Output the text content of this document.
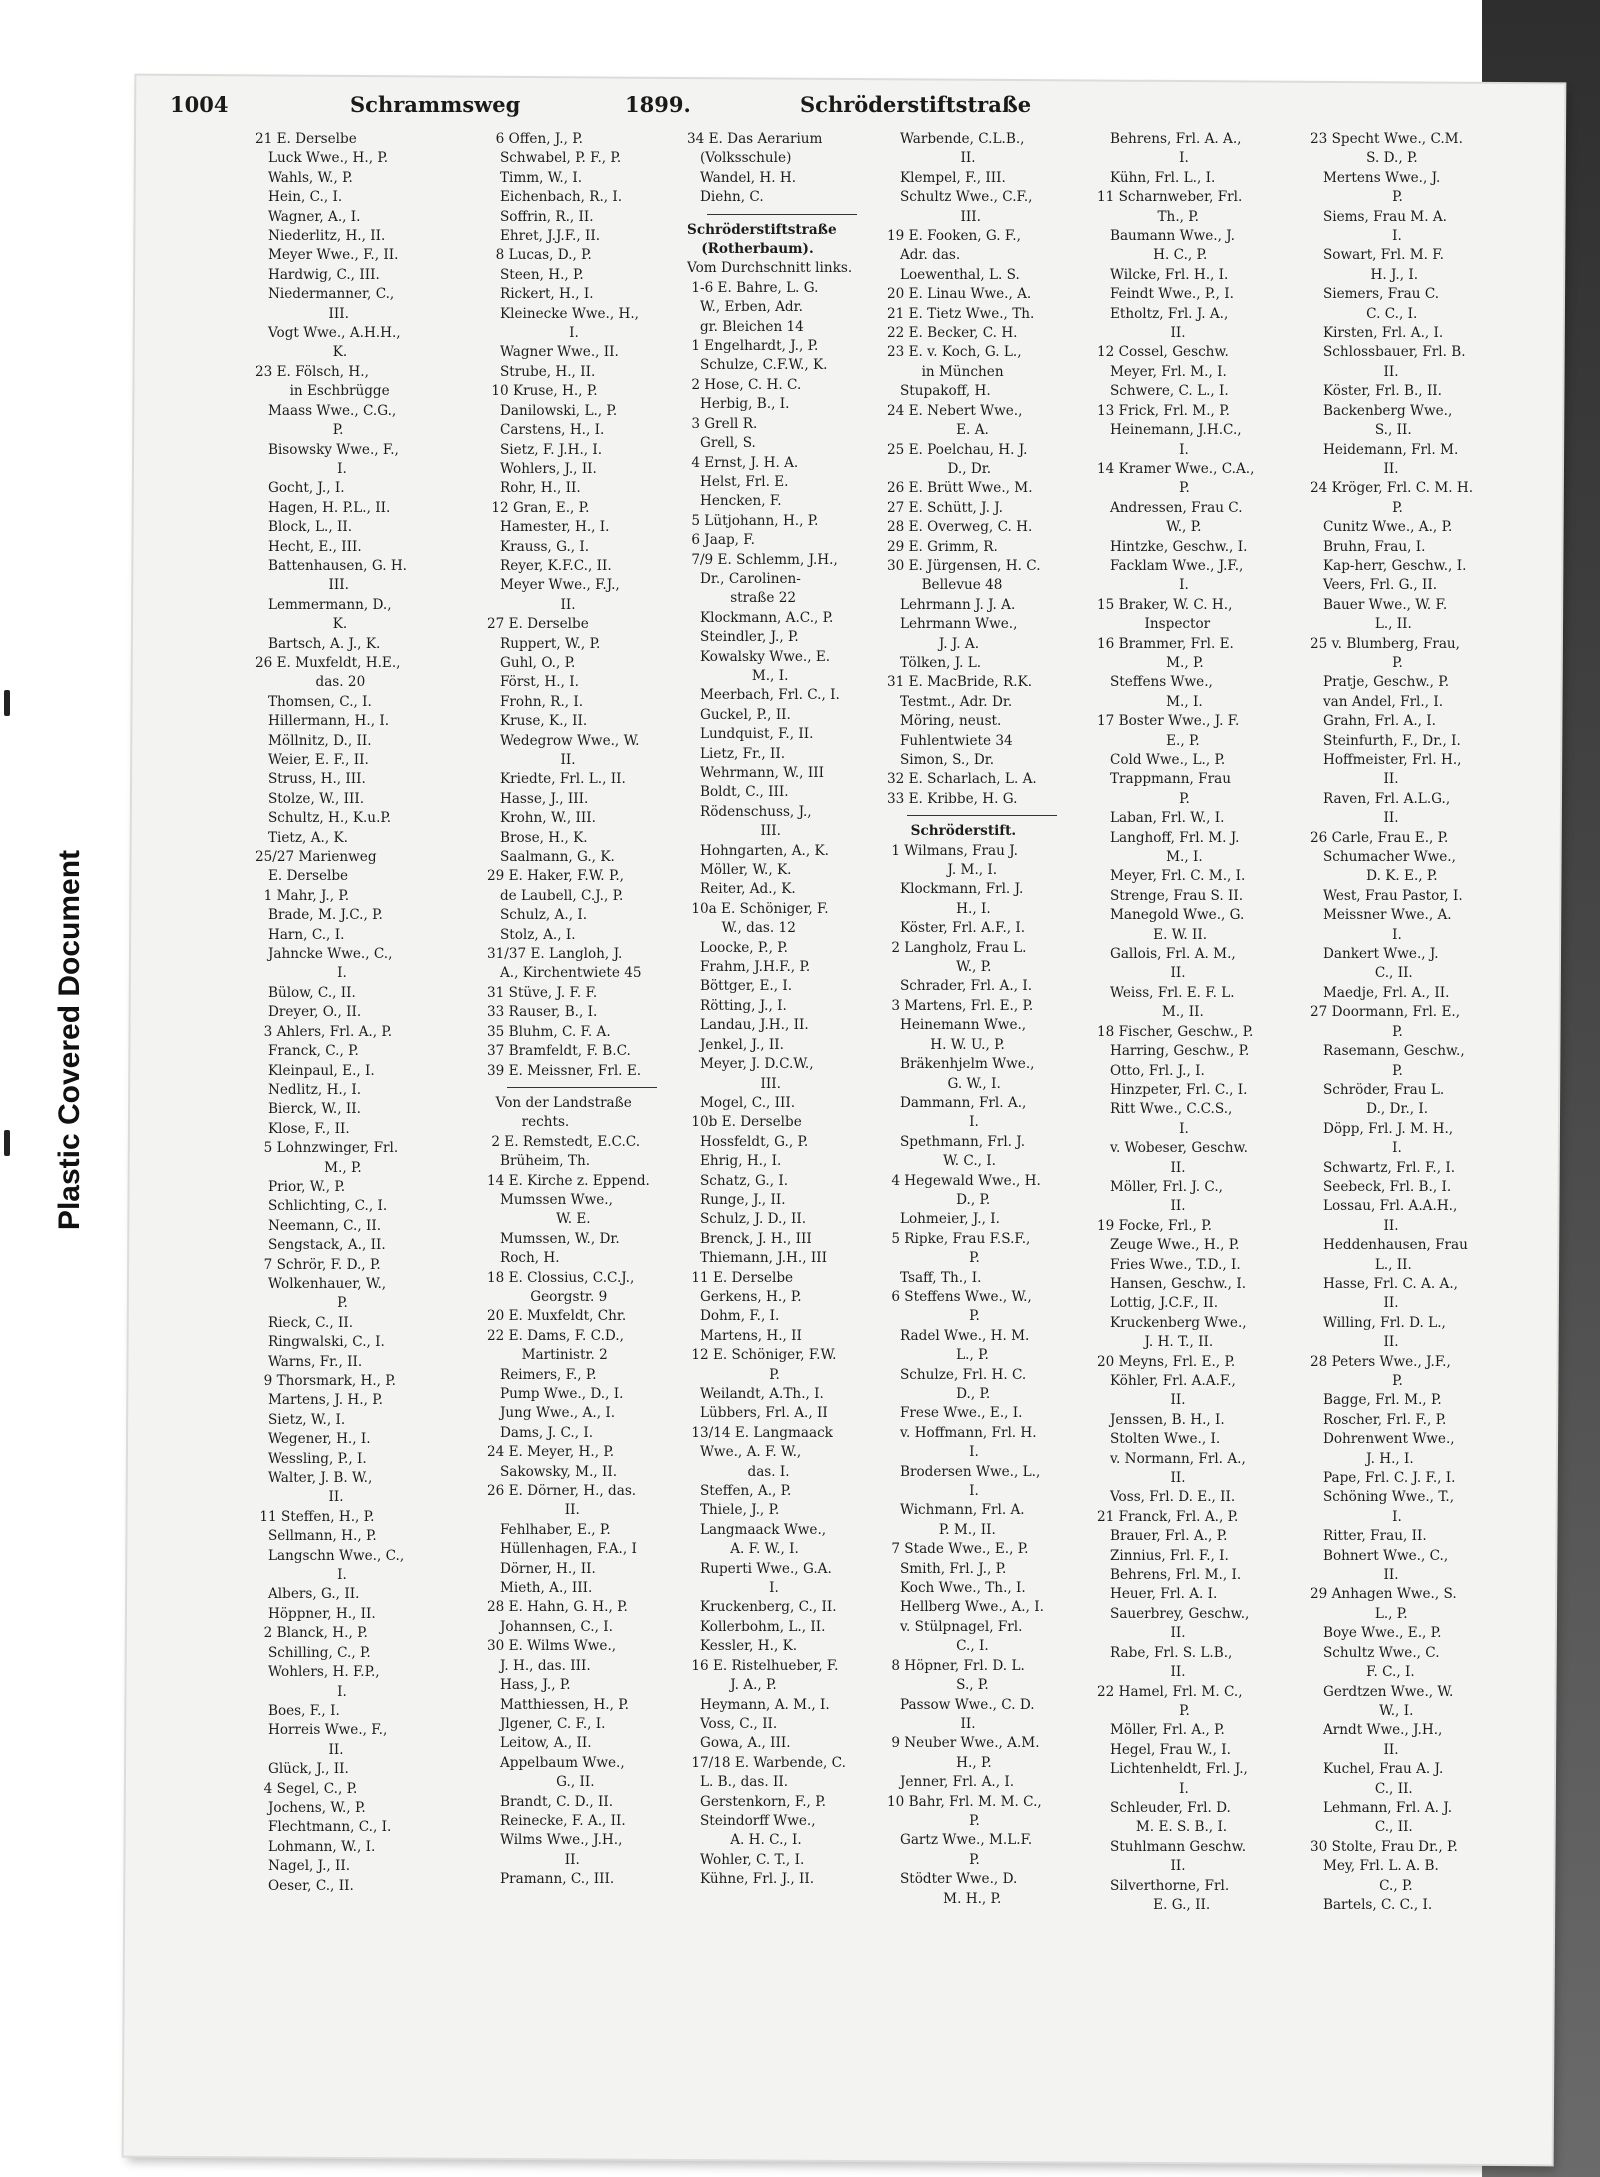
Plastic Covered Document
1004	Schrammsweg	1899.	Schröderstiftstraße
21 E. Derselbe
Luck Wwe., H., P.
Wahls, W., P.
Hein, C., I.
Wagner, A., I.
Niederlitz, H., II.
Meyer Wwe., F., II.
Hardwig, C., III.
Niedermanner, C.,
III.
Vogt Wwe., A.H.H.,
K.
23 E. Fölsch, H.,
in Eschbrügge
Maass Wwe., C.G.,
P.
Bisowsky Wwe., F.,
I.
Gocht, J., I.
Hagen, H. P.L., II.
Block, L., II.
Hecht, E., III.
Battenhausen, G. H.
III.
Lemmermann, D.,
K.
Bartsch, A. J., K.
26 E. Muxfeldt, H.E.,
das. 20
Thomsen, C., I.
Hillermann, H., I.
Möllnitz, D., II.
Weier, E. F., II.
Struss, H., III.
Stolze, W., III.
Schultz, H., K.u.P.
Tietz, A., K.
25/27 Marienweg
E. Derselbe
1 Mahr, J., P.
Brade, M. J.C., P.
Harn, C., I.
Jahncke Wwe., C.,
I.
Bülow, C., II.
Dreyer, O., II.
3 Ahlers, Frl. A., P.
Franck, C., P.
Kleinpaul, E., I.
Nedlitz, H., I.
Bierck, W., II.
Klose, F., II.
5 Lohnzwinger, Frl.
M., P.
Prior, W., P.
Schlichting, C., I.
Neemann, C., II.
Sengstack, A., II.
7 Schrör, F. D., P.
Wolkenhauer, W.,
P.
Rieck, C., II.
Ringwalski, C., I.
Warns, Fr., II.
9 Thorsmark, H., P.
Martens, J. H., P.
Sietz, W., I.
Wegener, H., I.
Wessling, P., I.
Walter, J. B. W.,
II.
11 Steffen, H., P.
Sellmann, H., P.
Langschn Wwe., C.,
I.
Albers, G., II.
Höppner, H., II.
2 Blanck, H., P.
Schilling, C., P.
Wohlers, H. F.P.,
I.
Boes, F., I.
Horreis Wwe., F.,
II.
Glück, J., II.
4 Segel, C., P.
Jochens, W., P.
Flechtmann, C., I.
Lohmann, W., I.
Nagel, J., II.
Oeser, C., II.
6 Offen, J., P.
Schwabel, P. F., P.
Timm, W., I.
Eichenbach, R., I.
Soffrin, R., II.
Ehret, J.J.F., II.
8 Lucas, D., P.
Steen, H., P.
Rickert, H., I.
Kleinecke Wwe., H.,
I.
Wagner Wwe., II.
Strube, H., II.
10 Kruse, H., P.
Danilowski, L., P.
Carstens, H., I.
Sietz, F. J.H., I.
Wohlers, J., II.
Rohr, H., II.
12 Gran, E., P.
Hamester, H., I.
Krauss, G., I.
Reyer, K.F.C., II.
Meyer Wwe., F.J.,
II.
27 E. Derselbe
Ruppert, W., P.
Guhl, O., P.
Först, H., I.
Frohn, R., I.
Kruse, K., II.
Wedegrow Wwe., W.
II.
Kriedte, Frl. L., II.
Hasse, J., III.
Krohn, W., III.
Brose, H., K.
Saalmann, G., K.
29 E. Haker, F.W. P.,
de Laubell, C.J., P.
Schulz, A., I.
Stolz, A., I.
31/37 E. Langloh, J.
A., Kirchentwiete 45
31 Stüve, J. F. F.
33 Rauser, B., I.
35 Bluhm, C. F. A.
37 Bramfeldt, F. B.C.
39 E. Meissner, Frl. E.
Von der Landstraße
rechts.
2 E. Remstedt, E.C.C.
Brüheim, Th.
14 E. Kirche z. Eppend.
Mumssen Wwe.,
W. E.
Mumssen, W., Dr.
Roch, H.
18 E. Clossius, C.C.J.,
Georgstr. 9
20 E. Muxfeldt, Chr.
22 E. Dams, F. C.D.,
Martinistr. 2
Reimers, F., P.
Pump Wwe., D., I.
Jung Wwe., A., I.
Dams, J. C., I.
24 E. Meyer, H., P.
Sakowsky, M., II.
26 E. Dörner, H., das.
II.
Fehlhaber, E., P.
Hüllenhagen, F.A., I
Dörner, H., II.
Mieth, A., III.
28 E. Hahn, G. H., P.
Johannsen, C., I.
30 E. Wilms Wwe.,
J. H., das. III.
Hass, J., P.
Matthiessen, H., P.
Jlgener, C. F., I.
Leitow, A., II.
Appelbaum Wwe.,
G., II.
Brandt, C. D., II.
Reinecke, F. A., II.
Wilms Wwe., J.H.,
II.
Pramann, C., III.
34 E. Das Aerarium
(Volksschule)
Wandel, H. H.
Diehn, C.
Schröderstiftstraße
(Rotherbaum).
Vom Durchschnitt links.
1-6 E. Bahre, L. G.
W., Erben, Adr.
gr. Bleichen 14
1 Engelhardt, J., P.
Schulze, C.F.W., K.
2 Hose, C. H. C.
Herbig, B., I.
3 Grell R.
Grell, S.
4 Ernst, J. H. A.
Helst, Frl. E.
Hencken, F.
5 Lütjohann, H., P.
6 Jaap, F.
7/9 E. Schlemm, J.H.,
Dr., Carolinen-
straße 22
Klockmann, A.C., P.
Steindler, J., P.
Kowalsky Wwe., E.
M., I.
Meerbach, Frl. C., I.
Guckel, P., II.
Lundquist, F., II.
Lietz, Fr., II.
Wehrmann, W., III
Boldt, C., III.
Rödenschuss, J.,
III.
Hohngarten, A., K.
Möller, W., K.
Reiter, Ad., K.
10a E. Schöniger, F.
W., das. 12
Loocke, P., P.
Frahm, J.H.F., P.
Böttger, E., I.
Rötting, J., I.
Landau, J.H., II.
Jenkel, J., II.
Meyer, J. D.C.W.,
III.
Mogel, C., III.
10b E. Derselbe
Hossfeldt, G., P.
Ehrig, H., I.
Schatz, G., I.
Runge, J., II.
Schulz, J. D., II.
Brenck, J. H., III
Thiemann, J.H., III
11 E. Derselbe
Gerkens, H., P.
Dohm, F., I.
Martens, H., II
12 E. Schöniger, F.W.
P.
Weilandt, A.Th., I.
Lübbers, Frl. A., II
13/14 E. Langmaack
Wwe., A. F. W.,
das. I.
Steffen, A., P.
Thiele, J., P.
Langmaack Wwe.,
A. F. W., I.
Ruperti Wwe., G.A.
I.
Kruckenberg, C., II.
Kollerbohm, L., II.
Kessler, H., K.
16 E. Ristelhueber, F.
J. A., P.
Heymann, A. M., I.
Voss, C., II.
Gowa, A., III.
17/18 E. Warbende, C.
L. B., das. II.
Gerstenkorn, F., P.
Steindorff Wwe.,
A. H. C., I.
Wohler, C. T., I.
Kühne, Frl. J., II.
Warbende, C.L.B.,
II.
Klempel, F., III.
Schultz Wwe., C.F.,
III.
19 E. Fooken, G. F.,
Adr. das.
Loewenthal, L. S.
20 E. Linau Wwe., A.
21 E. Tietz Wwe., Th.
22 E. Becker, C. H.
23 E. v. Koch, G. L.,
in München
Stupakoff, H.
24 E. Nebert Wwe.,
E. A.
25 E. Poelchau, H. J.
D., Dr.
26 E. Brütt Wwe., M.
27 E. Schütt, J. J.
28 E. Overweg, C. H.
29 E. Grimm, R.
30 E. Jürgensen, H. C.
Bellevue 48
Lehrmann J. J. A.
Lehrmann Wwe.,
J. J. A.
Tölken, J. L.
31 E. MacBride, R.K.
Testmt., Adr. Dr.
Möring, neust.
Fuhlentwiete 34
Simon, S., Dr.
32 E. Scharlach, L. A.
33 E. Kribbe, H. G.
Schröderstift.
1 Wilmans, Frau J.
J. M., I.
Klockmann, Frl. J.
H., I.
Köster, Frl. A.F., I.
2 Langholz, Frau L.
W., P.
Schrader, Frl. A., I.
3 Martens, Frl. E., P.
Heinemann Wwe.,
H. W. U., P.
Bräkenhjelm Wwe.,
G. W., I.
Dammann, Frl. A.,
I.
Spethmann, Frl. J.
W. C., I.
4 Hegewald Wwe., H.
D., P.
Lohmeier, J., I.
5 Ripke, Frau F.S.F.,
P.
Tsaff, Th., I.
6 Steffens Wwe., W.,
P.
Radel Wwe., H. M.
L., P.
Schulze, Frl. H. C.
D., P.
Frese Wwe., E., I.
v. Hoffmann, Frl. H.
I.
Brodersen Wwe., L.,
I.
Wichmann, Frl. A.
P. M., II.
7 Stade Wwe., E., P.
Smith, Frl. J., P.
Koch Wwe., Th., I.
Hellberg Wwe., A., I.
v. Stülpnagel, Frl.
C., I.
8 Höpner, Frl. D. L.
S., P.
Passow Wwe., C. D.
II.
9 Neuber Wwe., A.M.
H., P.
Jenner, Frl. A., I.
10 Bahr, Frl. M. M. C.,
P.
Gartz Wwe., M.L.F.
P.
Stödter Wwe., D.
M. H., P.
Behrens, Frl. A. A.,
I.
Kühn, Frl. L., I.
11 Scharnweber, Frl.
Th., P.
Baumann Wwe., J.
H. C., P.
Wilcke, Frl. H., I.
Feindt Wwe., P., I.
Etholtz, Frl. J. A.,
II.
12 Cossel, Geschw.
Meyer, Frl. M., I.
Schwere, C. L., I.
13 Frick, Frl. M., P.
Heinemann, J.H.C.,
I.
14 Kramer Wwe., C.A.,
P.
Andressen, Frau C.
W., P.
Hintzke, Geschw., I.
Facklam Wwe., J.F.,
I.
15 Braker, W. C. H.,
Inspector
16 Brammer, Frl. E.
M., P.
Steffens Wwe.,
M., I.
17 Boster Wwe., J. F.
E., P.
Cold Wwe., L., P.
Trappmann, Frau
P.
Laban, Frl. W., I.
Langhoff, Frl. M. J.
M., I.
Meyer, Frl. C. M., I.
Strenge, Frau S. II.
Manegold Wwe., G.
E. W. II.
Gallois, Frl. A. M.,
II.
Weiss, Frl. E. F. L.
M., II.
18 Fischer, Geschw., P.
Harring, Geschw., P.
Otto, Frl. J., I.
Hinzpeter, Frl. C., I.
Ritt Wwe., C.C.S.,
I.
v. Wobeser, Geschw.
II.
Möller, Frl. J. C.,
II.
19 Focke, Frl., P.
Zeuge Wwe., H., P.
Fries Wwe., T.D., I.
Hansen, Geschw., I.
Lottig, J.C.F., II.
Kruckenberg Wwe.,
J. H. T., II.
20 Meyns, Frl. E., P.
Köhler, Frl. A.A.F.,
II.
Jenssen, B. H., I.
Stolten Wwe., I.
v. Normann, Frl. A.,
II.
Voss, Frl. D. E., II.
21 Franck, Frl. A., P.
Brauer, Frl. A., P.
Zinnius, Frl. F., I.
Behrens, Frl. M., I.
Heuer, Frl. A. I.
Sauerbrey, Geschw.,
II.
Rabe, Frl. S. L.B.,
II.
22 Hamel, Frl. M. C.,
P.
Möller, Frl. A., P.
Hegel, Frau W., I.
Lichtenheldt, Frl. J.,
I.
Schleuder, Frl. D.
M. E. S. B., I.
Stuhlmann Geschw.
II.
Silverthorne, Frl.
E. G., II.
23 Specht Wwe., C.M.
S. D., P.
Mertens Wwe., J.
P.
Siems, Frau M. A.
I.
Sowart, Frl. M. F.
H. J., I.
Siemers, Frau C.
C. C., I.
Kirsten, Frl. A., I.
Schlossbauer, Frl. B.
II.
Köster, Frl. B., II.
Backenberg Wwe.,
S., II.
Heidemann, Frl. M.
II.
24 Kröger, Frl. C. M. H.
P.
Cunitz Wwe., A., P.
Bruhn, Frau, I.
Kap-herr, Geschw., I.
Veers, Frl. G., II.
Bauer Wwe., W. F.
L., II.
25 v. Blumberg, Frau,
P.
Pratje, Geschw., P.
van Andel, Frl., I.
Grahn, Frl. A., I.
Steinfurth, F., Dr., I.
Hoffmeister, Frl. H.,
II.
Raven, Frl. A.L.G.,
II.
26 Carle, Frau E., P.
Schumacher Wwe.,
D. K. E., P.
West, Frau Pastor, I.
Meissner Wwe., A.
I.
Dankert Wwe., J.
C., II.
Maedje, Frl. A., II.
27 Doormann, Frl. E.,
P.
Rasemann, Geschw.,
P.
Schröder, Frau L.
D., Dr., I.
Döpp, Frl. J. M. H.,
I.
Schwartz, Frl. F., I.
Seebeck, Frl. B., I.
Lossau, Frl. A.A.H.,
II.
Heddenhausen, Frau
L., II.
Hasse, Frl. C. A. A.,
II.
Willing, Frl. D. L.,
II.
28 Peters Wwe., J.F.,
P.
Bagge, Frl. M., P.
Roscher, Frl. F., P.
Dohrenwent Wwe.,
J. H., I.
Pape, Frl. C. J. F., I.
Schöning Wwe., T.,
I.
Ritter, Frau, II.
Bohnert Wwe., C.,
II.
29 Anhagen Wwe., S.
L., P.
Boye Wwe., E., P.
Schultz Wwe., C.
F. C., I.
Gerdtzen Wwe., W.
W., I.
Arndt Wwe., J.H.,
II.
Kuchel, Frau A. J.
C., II.
Lehmann, Frl. A. J.
C., II.
30 Stolte, Frau Dr., P.
Mey, Frl. L. A. B.
C., P.
Bartels, C. C., I.
